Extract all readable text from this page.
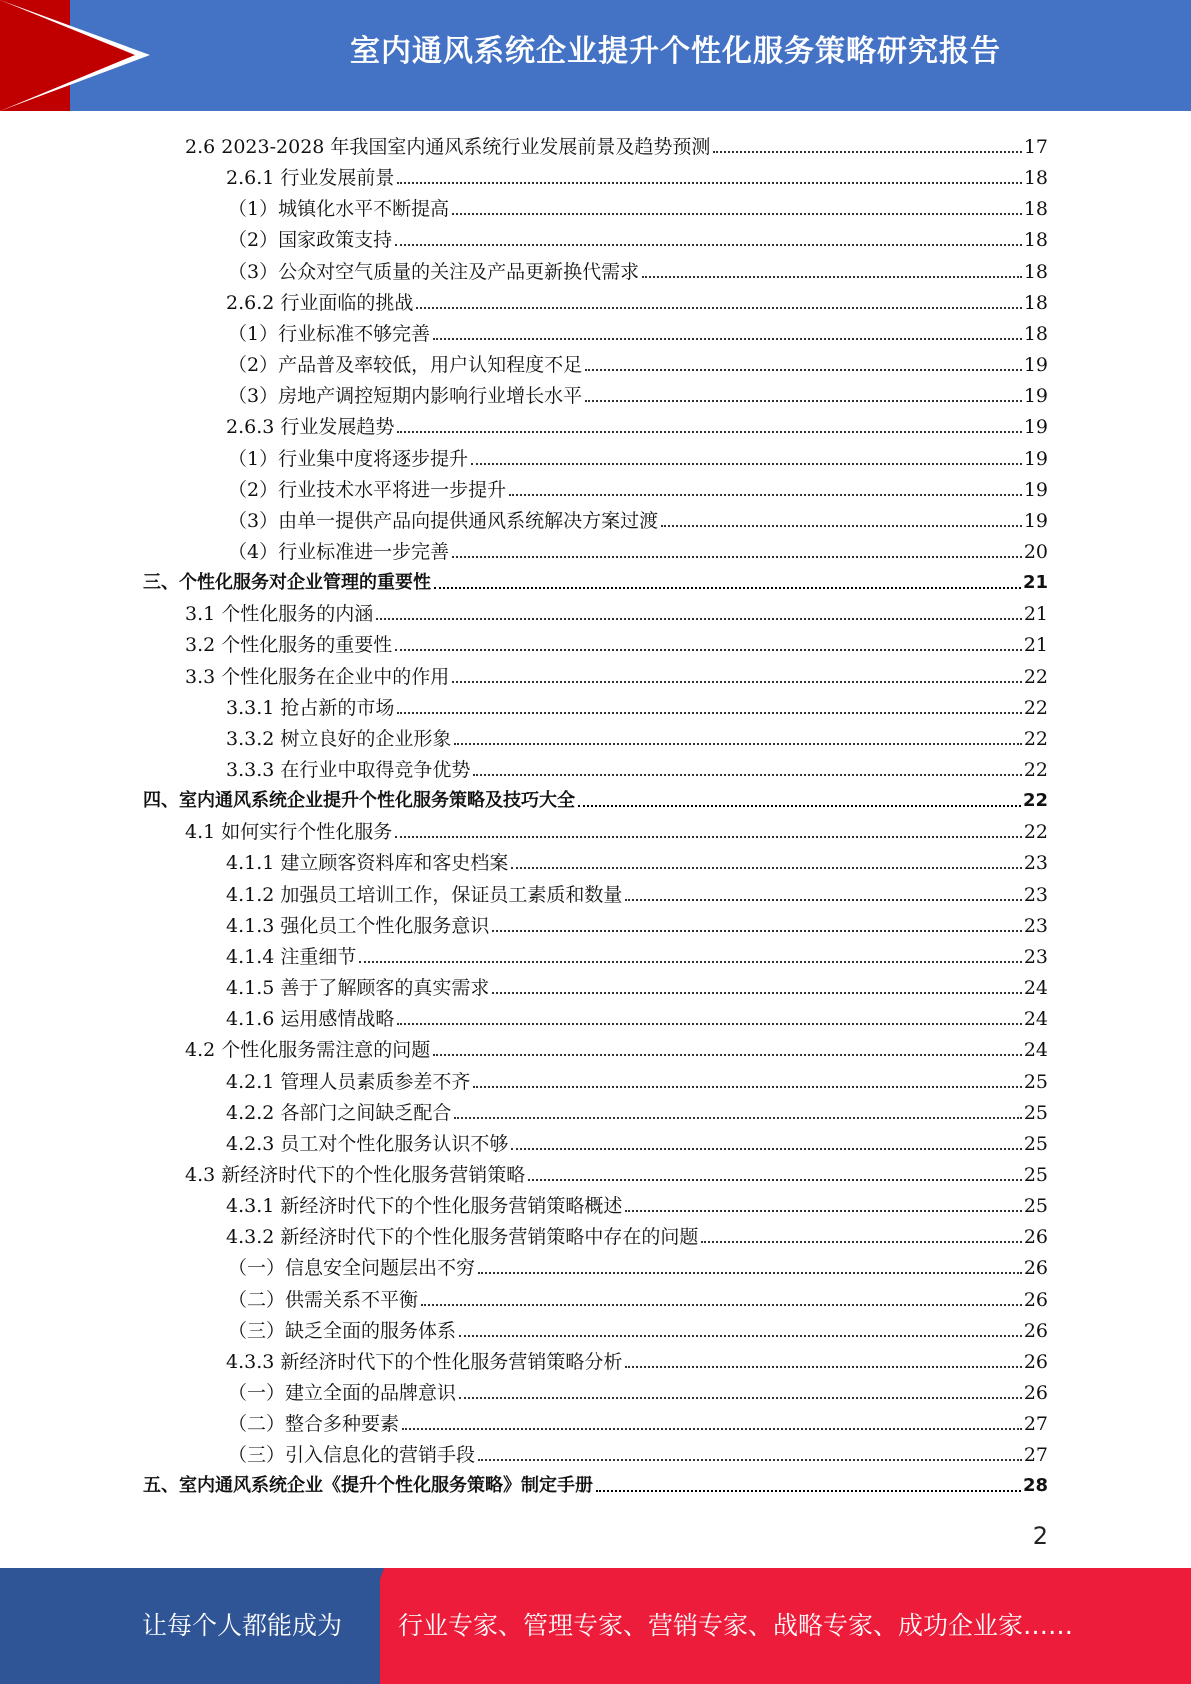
室内通风系统企业提升个性化服务策略研究报告
2.6 2023-2028 年我国室内通风系统行业发展前景及趋势预测	17
2.6.1 行业发展前景	18
（1）城镇化水平不断提高	18
（2）国家政策支持	18
（3）公众对空气质量的关注及产品更新换代需求	18
2.6.2 行业面临的挑战	18
（1）行业标准不够完善	18
（2）产品普及率较低，用户认知程度不足	19
（3）房地产调控短期内影响行业增长水平	19
2.6.3 行业发展趋势	19
（1）行业集中度将逐步提升	19
（2）行业技术水平将进一步提升	19
（3）由单一提供产品向提供通风系统解决方案过渡	19
（4）行业标准进一步完善	20
三、个性化服务对企业管理的重要性	21
3.1 个性化服务的内涵	21
3.2 个性化服务的重要性	21
3.3 个性化服务在企业中的作用	22
3.3.1 抢占新的市场	22
3.3.2 树立良好的企业形象	22
3.3.3 在行业中取得竞争优势	22
四、室内通风系统企业提升个性化服务策略及技巧大全	22
4.1 如何实行个性化服务	22
4.1.1 建立顾客资料库和客史档案	23
4.1.2 加强员工培训工作，保证员工素质和数量	23
4.1.3 强化员工个性化服务意识	23
4.1.4 注重细节	23
4.1.5 善于了解顾客的真实需求	24
4.1.6 运用感情战略	24
4.2 个性化服务需注意的问题	24
4.2.1 管理人员素质参差不齐	25
4.2.2 各部门之间缺乏配合	25
4.2.3 员工对个性化服务认识不够	25
4.3 新经济时代下的个性化服务营销策略	25
4.3.1 新经济时代下的个性化服务营销策略概述	25
4.3.2 新经济时代下的个性化服务营销策略中存在的问题	26
（一）信息安全问题层出不穷	26
（二）供需关系不平衡	26
（三）缺乏全面的服务体系	26
4.3.3 新经济时代下的个性化服务营销策略分析	26
（一）建立全面的品牌意识	26
（二）整合多种要素	27
（三）引入信息化的营销手段	27
五、室内通风系统企业《提升个性化服务策略》制定手册	28
2
让每个人都能成为 行业专家、管理专家、营销专家、战略专家、成功企业家……
